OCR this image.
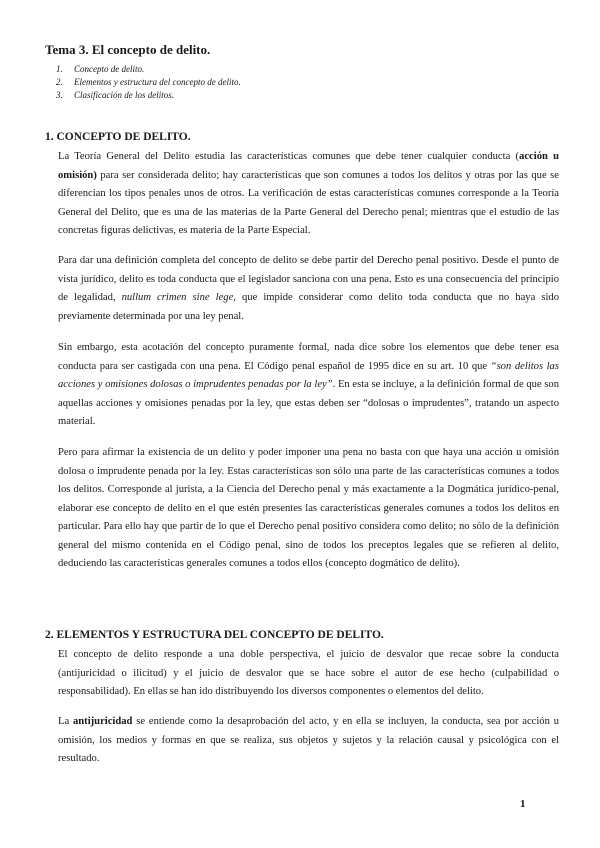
Tema 3. El concepto de delito.
1. Concepto de delito.
2. Elementos y estructura del concepto de delito.
3. Clasificación de los delitos.
1. CONCEPTO DE DELITO.

La Teoría General del Delito estudia las características comunes que debe tener cualquier conducta (acción u omisión) para ser considerada delito; hay características que son comunes a todos los delitos y otras por las que se diferencian los tipos penales unos de otros. La verificación de estas características comunes corresponde a la Teoría General del Delito, que es una de las materias de la Parte General del Derecho penal; mientras que el estudio de las concretas figuras delictivas, es materia de la Parte Especial.

Para dar una definición completa del concepto de delito se debe partir del Derecho penal positivo. Desde el punto de vista jurídico, delito es toda conducta que el legislador sanciona con una pena. Esto es una consecuencia del principio de legalidad, nullum crimen sine lege, que impide considerar como delito toda conducta que no haya sido previamente determinada por una ley penal.

Sin embargo, esta acotación del concepto puramente formal, nada dice sobre los elementos que debe tener esa conducta para ser castigada con una pena. El Código penal español de 1995 dice en su art. 10 que “son delitos las acciones y omisiones dolosas o imprudentes penadas por la ley”. En esta se incluye, a la definición formal de que son aquellas acciones y omisiones penadas por la ley, que estas deben ser “dolosas o imprudentes”, tratando un aspecto material.

Pero para afirmar la existencia de un delito y poder imponer una pena no basta con que haya una acción u omisión dolosa o imprudente penada por la ley. Estas características son sólo una parte de las características comunes a todos los delitos. Corresponde al jurista, a la Ciencia del Derecho penal y más exactamente a la Dogmática jurídico-penal, elaborar ese concepto de delito en el que estén presentes las características generales comunes a todos los delitos en particular. Para ello hay que partir de lo que el Derecho penal positivo considera como delito; no sólo de la definición general del mismo contenida en el Código penal, sino de todos los preceptos legales que se refieren al delito, deduciendo las características generales comunes a todos ellos (concepto dogmático de delito).

2. ELEMENTOS Y ESTRUCTURA DEL CONCEPTO DE DELITO.

El concepto de delito responde a una doble perspectiva, el juicio de desvalor que recae sobre la conducta (antijuricidad o ilicitud) y el juicio de desvalor que se hace sobre el autor de ese hecho (culpabilidad o responsabilidad). En ellas se han ido distribuyendo los diversos componentes o elementos del delito.

La antijuricidad se entiende como la desaprobación del acto, y en ella se incluyen, la conducta, sea por acción u omisión, los medios y formas en que se realiza, sus objetos y sujetos y la relación causal y psicológica con el resultado.

1
